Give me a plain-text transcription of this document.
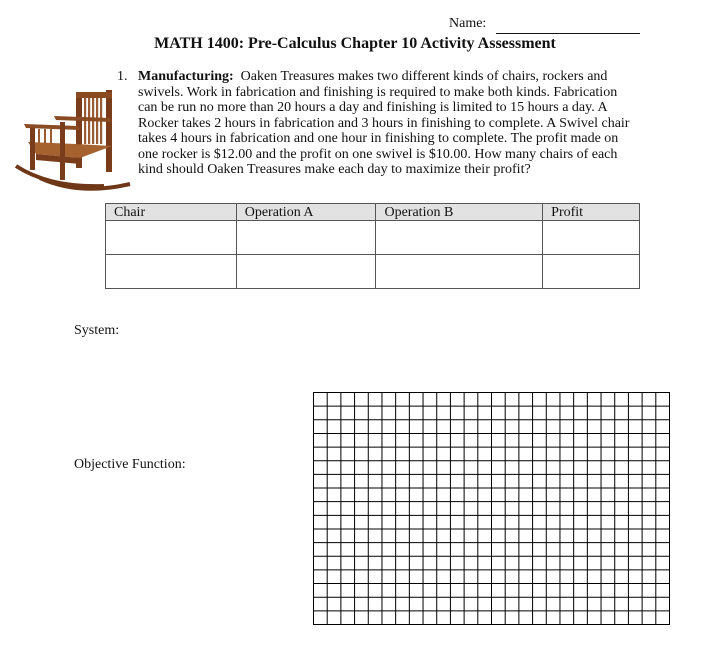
Name:
MATH 1400: Pre-Calculus Chapter 10 Activity Assessment
1. Manufacturing: Oaken Treasures makes two different kinds of chairs, rockers and swivels. Work in fabrication and finishing is required to make both kinds. Fabrication can be run no more than 20 hours a day and finishing is limited to 15 hours a day. A Rocker takes 2 hours in fabrication and 3 hours in finishing to complete. A Swivel chair takes 4 hours in fabrication and one hour in finishing to complete. The profit made on one rocker is $12.00 and the profit on one swivel is $10.00. How many chairs of each kind should Oaken Treasures make each day to maximize their profit?
Chair	Operation A	Operation B	Profit

System:
Objective Function:
